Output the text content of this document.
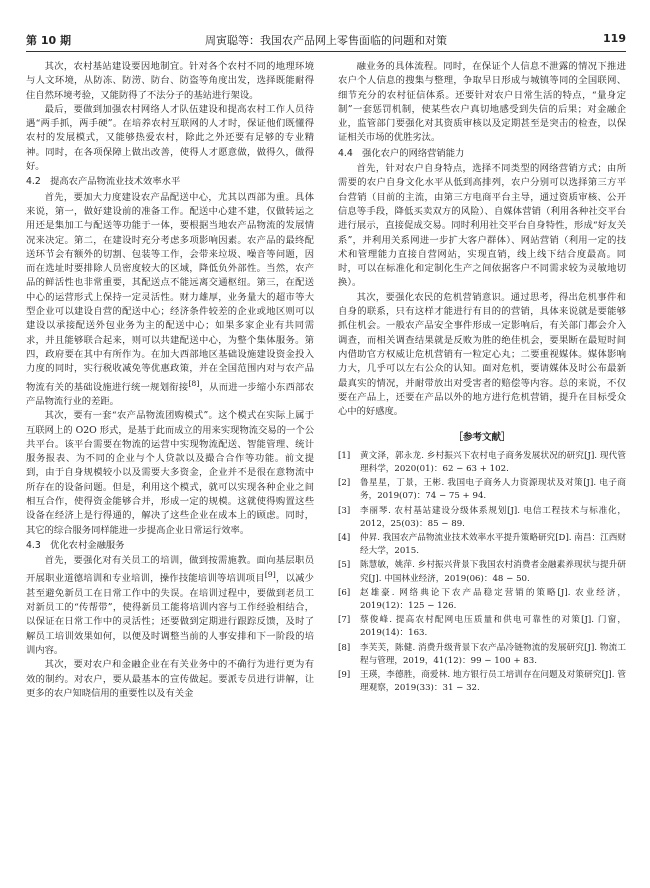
第 10 期	周寅聪等：我国农产品网上零售面临的问题和对策	119

其次，农村基站建设要因地制宜。针对各个农村不同的地理环境与人文环境，从防冻、防涝、防台、防盗等角度出发，选择既能耐得住自然环境考验，又能防得了不法分子的基站进行架设。

最后，要做到加强农村网络人才队伍建设和提高农村工作人员待遇“两手抓，两手硬”。在培养农村互联网的人才时，保证他们既懂得农村的发展模式，又能够热爱农村，除此之外还要有足够的专业精神。同时，在各项保障上做出改善，使得人才愿意做，做得久，做得好。

4.2　提高农产品物流业技术效率水平

首先，要加大力度建设农产品配送中心，尤其以西部为重。具体来说，第一，做好建设前的准备工作。配送中心建不建，仅做转运之用还是集加工与配送等功能于一体，要根据当地农产品物流的发展情况来决定。第二，在建设时充分考虑多项影响因素。农产品的最终配送环节会有额外的切割、包装等工作，会带来垃圾、噪音等问题，因而在选址时要排除人员密度较大的区域，降低负外部性。当然，农产品的鲜活性也非常重要，其配送点不能远离交通枢纽。第三，在配送中心的运营形式上保持一定灵活性。财力雄厚，业务量大的超市等大型企业可以建设自营的配送中心；经济条件较差的企业或地区则可以建设以承接配送外包业务为主的配送中心；如果多家企业有共同需求，并且能够联合起来，则可以共建配送中心，为整个集体服务。第四，政府要在其中有所作为。在加大西部地区基础设施建设资金投入力度的同时，实行税收减免等优惠政策，并在全国范围内对与农产品物流有关的基础设施进行统一规划衔接[8]，从而进一步缩小东西部农产品物流行业的差距。

其次，要有一套“农产品物流团购模式”。这个模式在实际上属于互联网上的 O2O 形式，是基于此而成立的用来实现物流交易的一个公共平台。该平台需要在物流的运营中实现物流配送、智能管理、统计服务报表、为不同的企业与个人贷款以及撮合合作等功能。前文提到，由于自身规模较小以及需要大多资金，企业并不是很在意物流中所存在的设备问题。但是，利用这个模式，就可以实现各种企业之间相互合作，使得资金能够合并，形成一定的规模。这就使得购置这些设备在经济上是行得通的，解决了这些企业在成本上的顾虑。同时，其它的综合服务同样能进一步提高企业日常运行效率。

4.3　优化农村金融服务

首先，要强化对有关员工的培训，做到按需施教。面向基层职员开展职业道德培训和专业培训，操作技能培训等培训项目[9]，以减少甚至避免新员工在日常工作中的失误。在培训过程中，要做到老员工对新员工的“传帮带”，使得新员工能将培训内容与工作经验相结合，以保证在日常工作中的灵活性；还要做到定期进行跟踪反馈，及时了解员工培训效果如何，以便及时调整当前的人事安排和下一阶段的培训内容。

其次，要对农户和金融企业在有关业务中的不确行为进行更为有效的制约。对农户，要从最基本的宣传做起。要派专员进行讲解，让更多的农户知晓信用的重要性以及有关金

融业务的具体流程。同时，在保证个人信息不泄露的情况下推进农户个人信息的搜集与整理，争取早日形成与城镇等同的全国联网、细节充分的农村征信体系。还要针对农户日常生活的特点，“量身定制”一套惩罚机制，使某些农户真切地感受到失信的后果；对金融企业，监管部门要强化对其资质审核以及定期甚至是突击的检查，以保证相关市场的优胜劣汰。

4.4　强化农户的网络营销能力

首先，针对农户自身特点，选择不同类型的网络营销方式；由所需要的农户自身文化水平从低到高排列，农户分别可以选择第三方平台营销（目前的主流，由第三方电商平台主导，通过资质审核、公开信息等手段，降低买卖双方的风险）、自媒体营销（利用各种社交平台进行展示，直接促成交易。同时利用社交平台自身特性，形成“好友关系”，并利用关系网进一步扩大客户群体）、网站营销（利用一定的技术和管理能力直接自营网站，实现直销，线上线下结合度最高。同时，可以在标准化和定制化生产之间依据客户不同需求较为灵敏地切换）。

其次，要强化农民的危机营销意识。通过思考，得出危机事件和自身的联系，只有这样才能进行有目的的营销，具体来说就是要能够抓住机会。一般农产品安全事件形成一定影响后，有关部门都会介入调查，而相关调查结果就是反败为胜的绝佳机会，要果断在最短时间内借助官方权威让危机营销有一粒定心丸；二要重视媒体。媒体影响力大，几乎可以左右公众的认知。面对危机，要请媒体及时公布最新最真实的情况，并耐带放出对受害者的赔偿等内容。总的来说，不仅要在产品上，还要在产品以外的地方进行危机营销，提升在目标受众心中的好感度。

［参考文献］
[1] 黄文泽，郭永龙. 乡村振兴下农村电子商务发展状况的研究[J]. 现代管理科学，2020(01)：62 − 63 + 102.
[2] 鲁星星，丁景，王彬. 我国电子商务人力资源现状及对策[J]. 电子商务，2019(07)：74 − 75 + 94.
[3] 李丽琴. 农村基站建设分级体系规划[J]. 电信工程技术与标准化，2012，25(03)：85 − 89.
[4] 仲昇. 我国农产品物流业技术效率水平提升策略研究[D]. 南昌：江西财经大学，2015.
[5] 陈慧敏，姚萍. 乡村振兴背景下我国农村消费者金融素养现状与提升研究[J]. 中国林业经济，2019(06)：48 − 50.
[6] 赵雄豪. 网络典论下农产品稳定营销的策略[J]. 农业经济，2019(12)：125 − 126.
[7] 蔡俊峰. 提高农村配网电压质量和供电可靠性的对策[J]. 门窗，2019(14)：163.
[8] 李芙芙，陈健. 消费升级背景下农产品冷链物流的发展研究[J]. 物流工程与管理，2019，41(12)：99 − 100 + 83.
[9] 王瑛，李德胜，商爱林. 地方银行员工培训存在问题及对策研究[J]. 管理观察，2019(33)：31 − 32.
